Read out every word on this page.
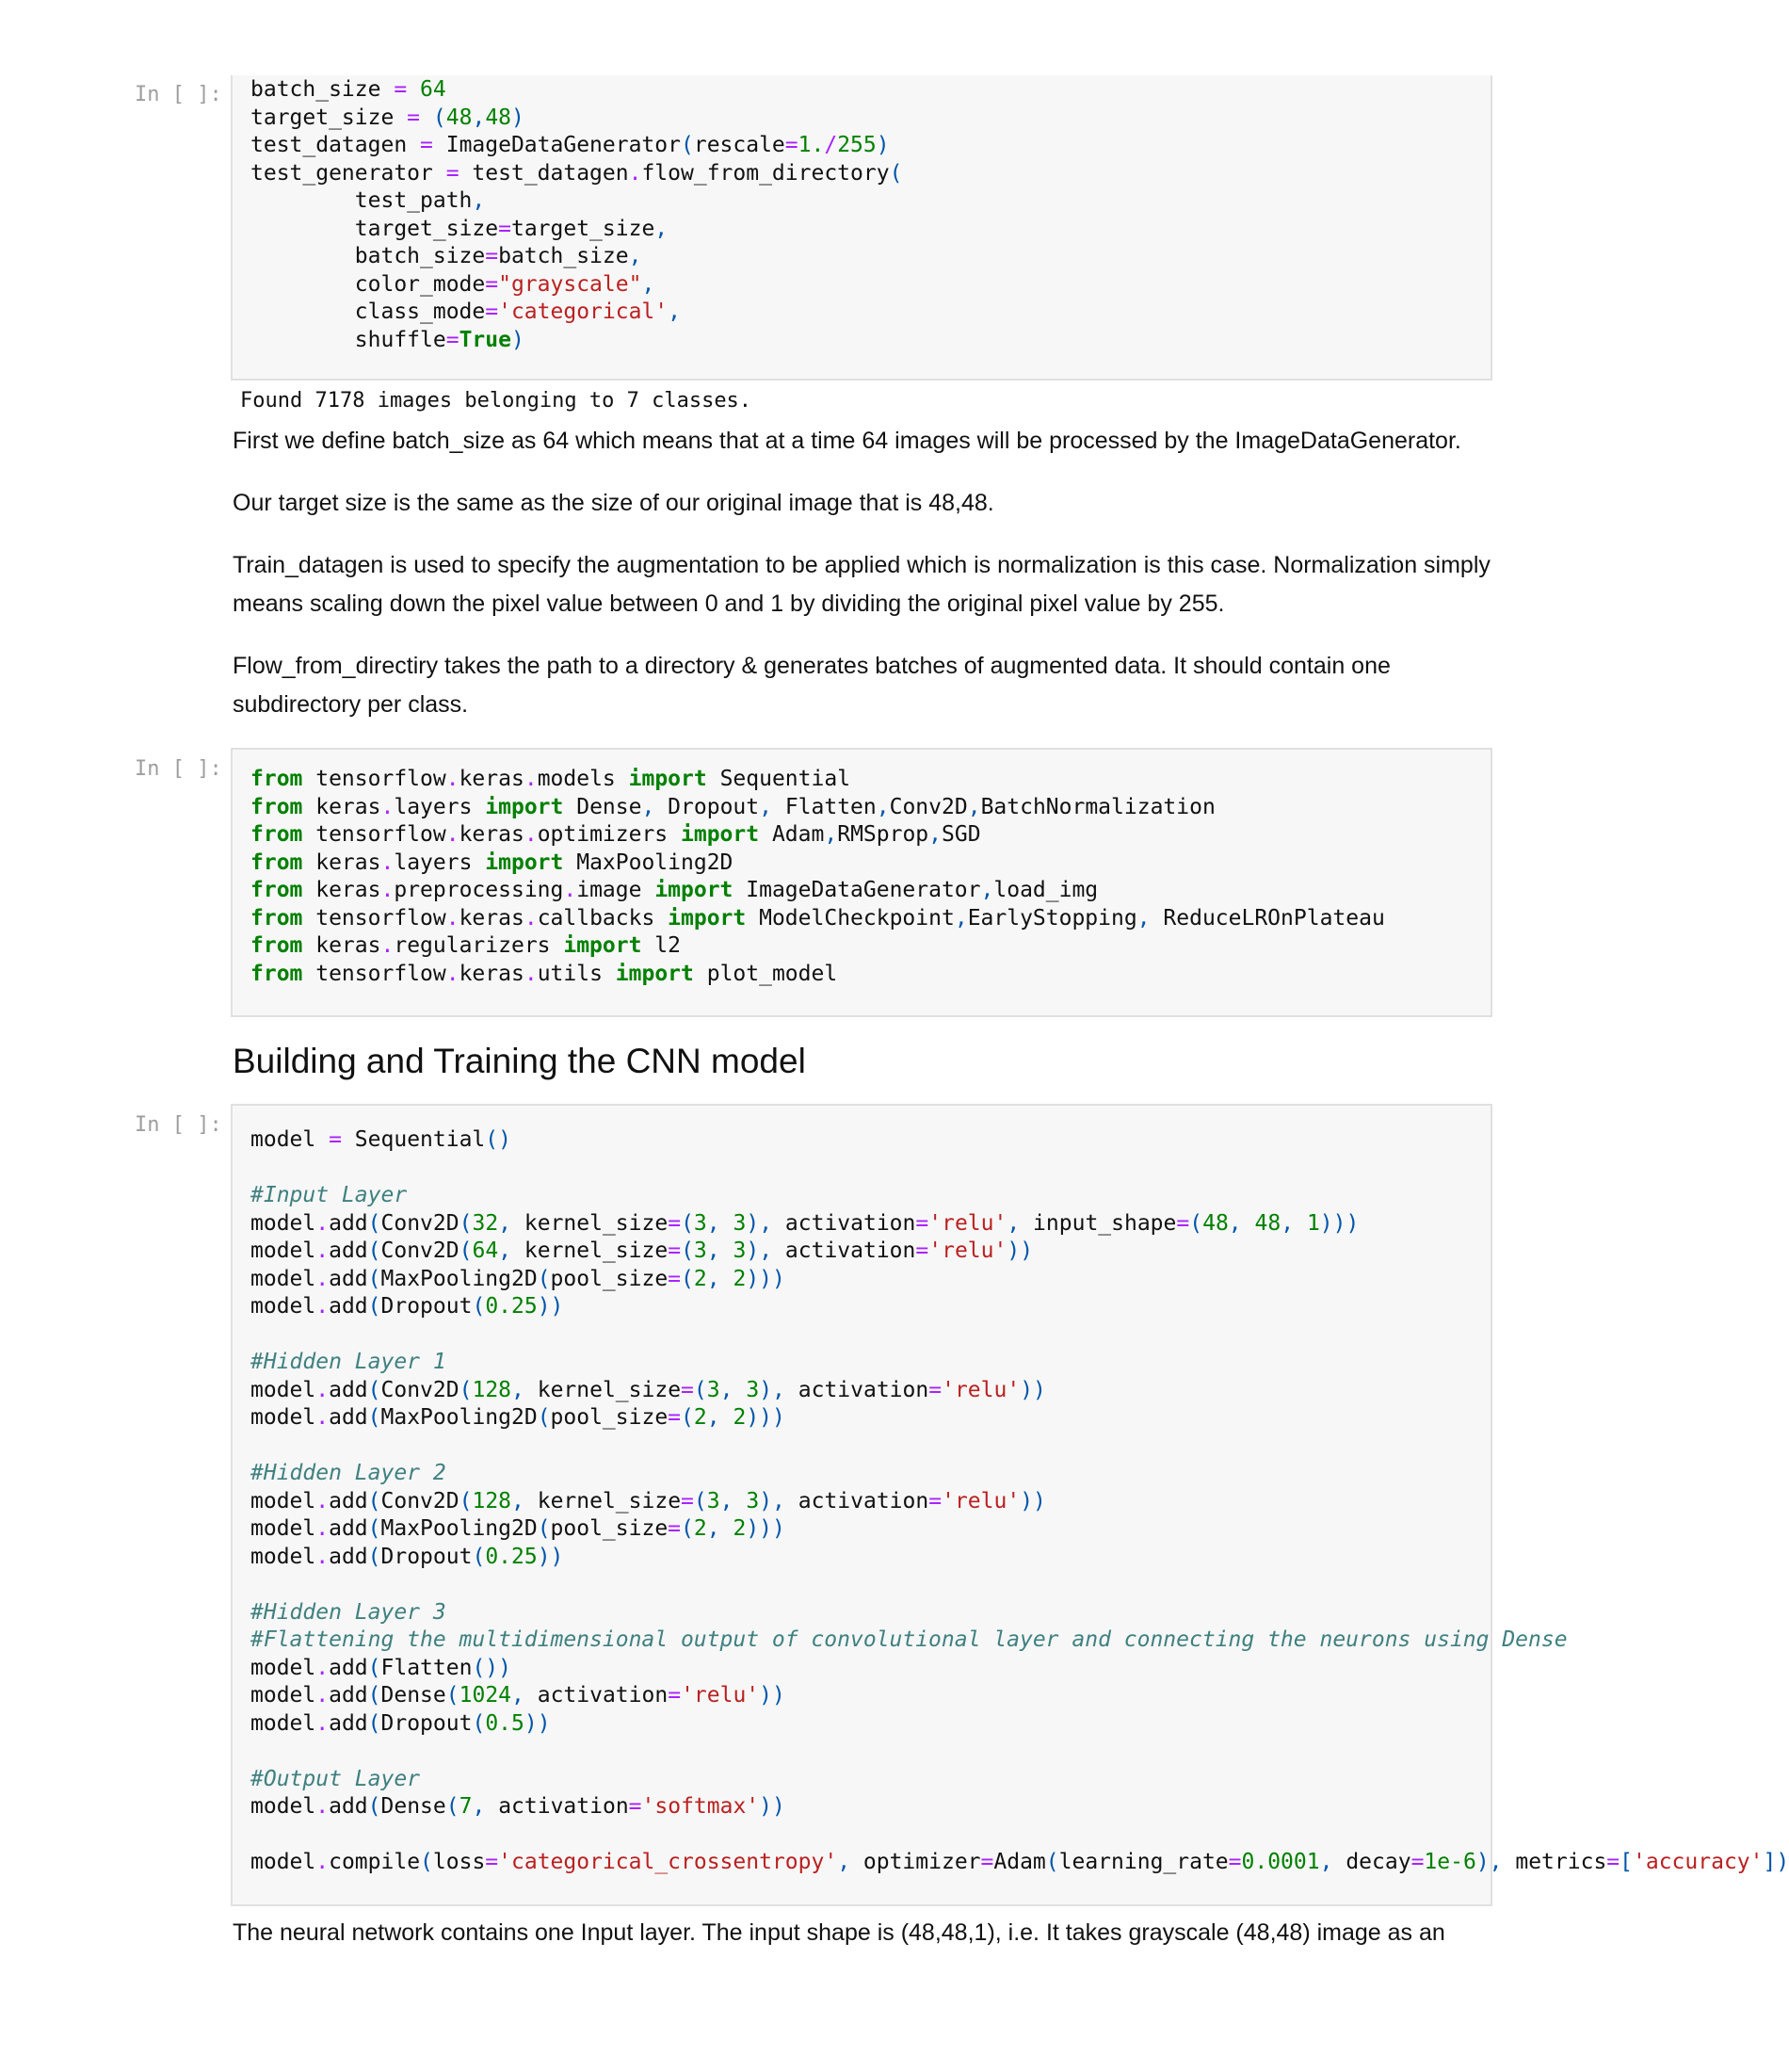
In [ ]: batch_size = 64
target_size = (48,48)
test_datagen = ImageDataGenerator(rescale=1./255)
test_generator = test_datagen.flow_from_directory(
test_path,
target_size=target_size,
batch_size=batch_size,
color_mode="grayscale",
class_mode='categorical',
shuffle=True)
Found 7178 images belonging to 7 classes.

First we define batch_size as 64 which means that at a time 64 images will be processed by the ImageDataGenerator.

Our target size is the same as the size of our original image that is 48,48.

Train_datagen is used to specify the augmentation to be applied which is normalization is this case. Normalization simply means scaling down the pixel value between 0 and 1 by dividing the original pixel value by 255.

Flow_from_directiry takes the path to a directory & generates batches of augmented data. It should contain one subdirectory per class.

In [ ]: from tensorflow.keras.models import Sequential
from keras.layers import Dense, Dropout, Flatten,Conv2D,BatchNormalization
from tensorflow.keras.optimizers import Adam,RMSprop,SGD
from keras.layers import MaxPooling2D
from keras.preprocessing.image import ImageDataGenerator,load_img
from tensorflow.keras.callbacks import ModelCheckpoint,EarlyStopping, ReduceLROnPlateau
from keras.regularizers import l2
from tensorflow.keras.utils import plot_model
Building and Training the CNN model
In [ ]:
model = Sequential()
#Input Layer
model.add(Conv2D(32, kernel_size=(3, 3), activation='relu', input_shape=(48, 48, 1)))
model.add(Conv2D(64, kernel_size=(3, 3), activation='relu'))
model.add(MaxPooling2D(pool_size=(2, 2)))
model.add(Dropout(0.25))
#Hidden Layer 1
model.add(Conv2D(128, kernel_size=(3, 3), activation='relu'))
model.add(MaxPooling2D(pool_size=(2, 2)))
#Hidden Layer 2
model.add(Conv2D(128, kernel_size=(3, 3), activation='relu'))
model.add(MaxPooling2D(pool_size=(2, 2)))
model.add(Dropout(0.25))
#Hidden Layer 3
#Flattening the multidimensional output of convolutional layer and connecting the neurons using Dense
model.add(Flatten())
model.add(Dense(1024, activation='relu'))
model.add(Dropout(0.5))
#Output Layer
model.add(Dense(7, activation='softmax'))
model.compile(loss='categorical_crossentropy', optimizer=Adam(learning_rate=0.0001, decay=1e-6), metrics=['accuracy'])

The neural network contains one Input layer. The input shape is (48,48,1), i.e. It takes grayscale (48,48) image as an
